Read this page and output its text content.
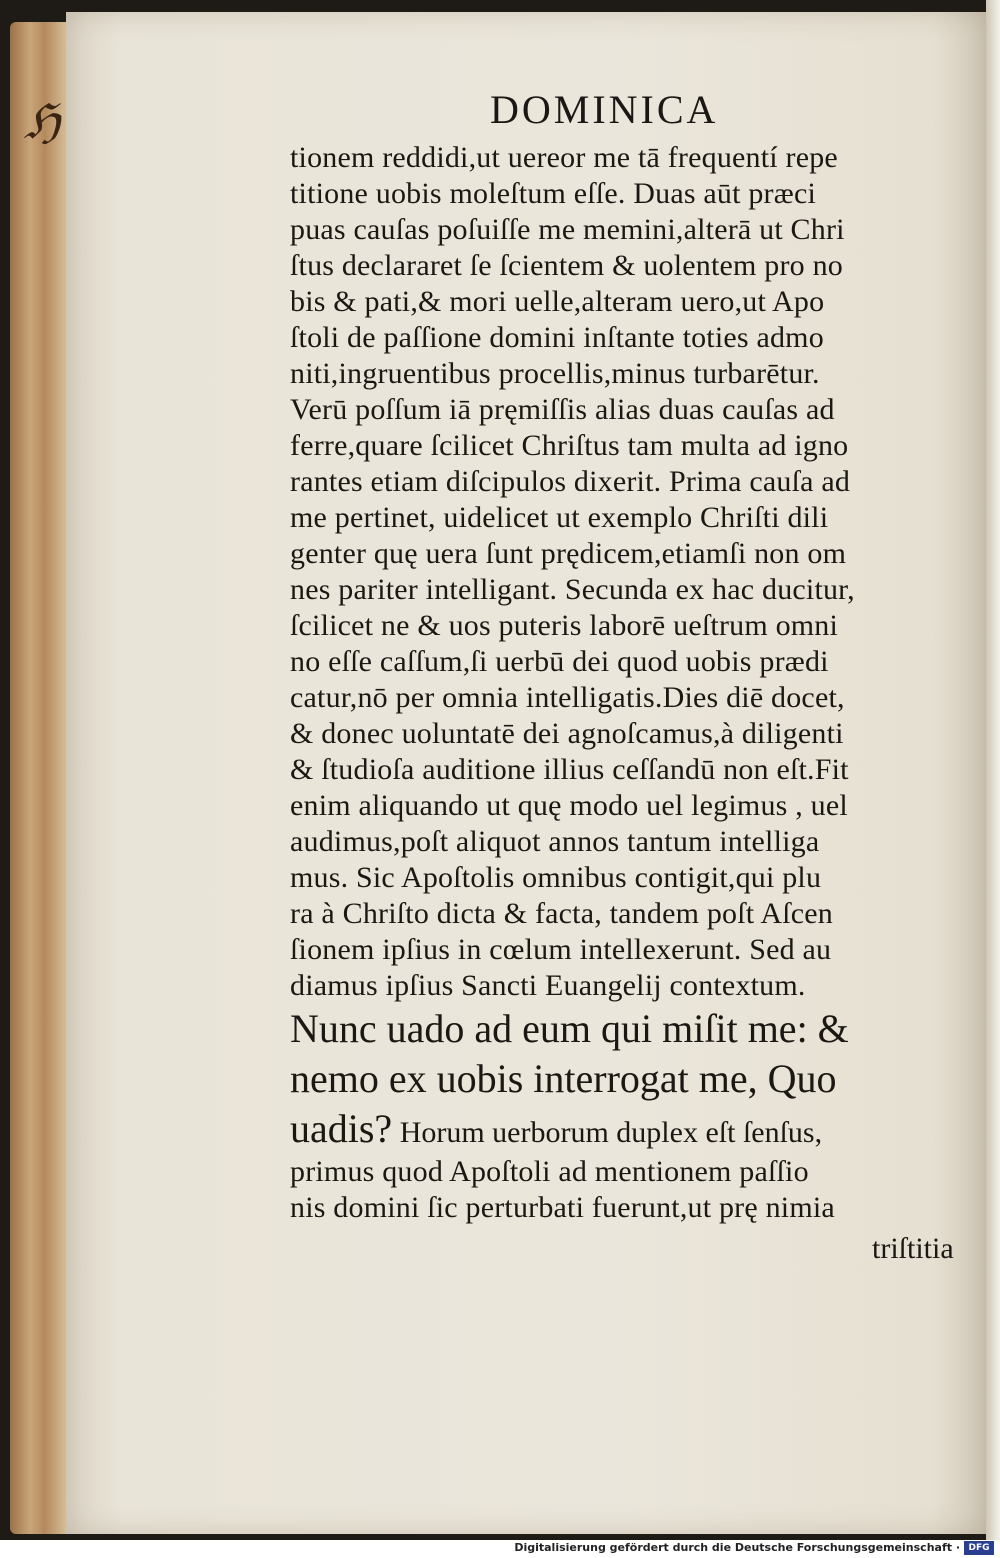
ℌ	DOMINICA
tionem reddidi,ut uereor me tā frequentí repe
titione uobis moleſtum eſſe. Duas aūt præci
puas cauſas poſuiſſe me memini,alterā ut Chri
ſtus declararet ſe ſcientem & uolentem pro no
bis & pati,& mori uelle,alteram uero,ut Apo
ſtoli de paſſione domini inſtante toties admo
niti,ingruentibus procellis,minus turbarētur.
Verū poſſum iā pręmiſſis alias duas cauſas ad
ferre,quare ſcilicet Chriſtus tam multa ad igno
rantes etiam diſcipulos dixerit. Prima cauſa ad
me pertinet, uidelicet ut exemplo Chriſti dili
genter quę uera ſunt prędicem,etiamſi non om
nes pariter intelligant. Secunda ex hac ducitur,
ſcilicet ne & uos puteris laborē ueſtrum omni
no eſſe caſſum,ſi uerbū dei quod uobis prædi
catur,nō per omnia intelligatis.Dies diē docet,
& donec uoluntatē dei agnoſcamus,à diligenti
& ſtudioſa auditione illius ceſſandū non eſt.Fit
enim aliquando ut quę modo uel legimus , uel
audimus,poſt aliquot annos tantum intelliga
mus. Sic Apoſtolis omnibus contigit,qui plu
ra à Chriſto dicta & facta, tandem poſt Aſcen
ſionem ipſius in cœlum intellexerunt. Sed au
diamus ipſius Sancti Euangelij contextum.
Nunc uado ad eum qui miſit me: &
nemo ex uobis interrogat me, Quo
uadis? Horum uerborum duplex eſt ſenſus,
primus quod Apoſtoli ad mentionem paſſio
nis domini ſic perturbati fuerunt,ut prę nimia
triſtitia
Digitalisierung gefördert durch die Deutsche Forschungsgemeinschaft · DFG
